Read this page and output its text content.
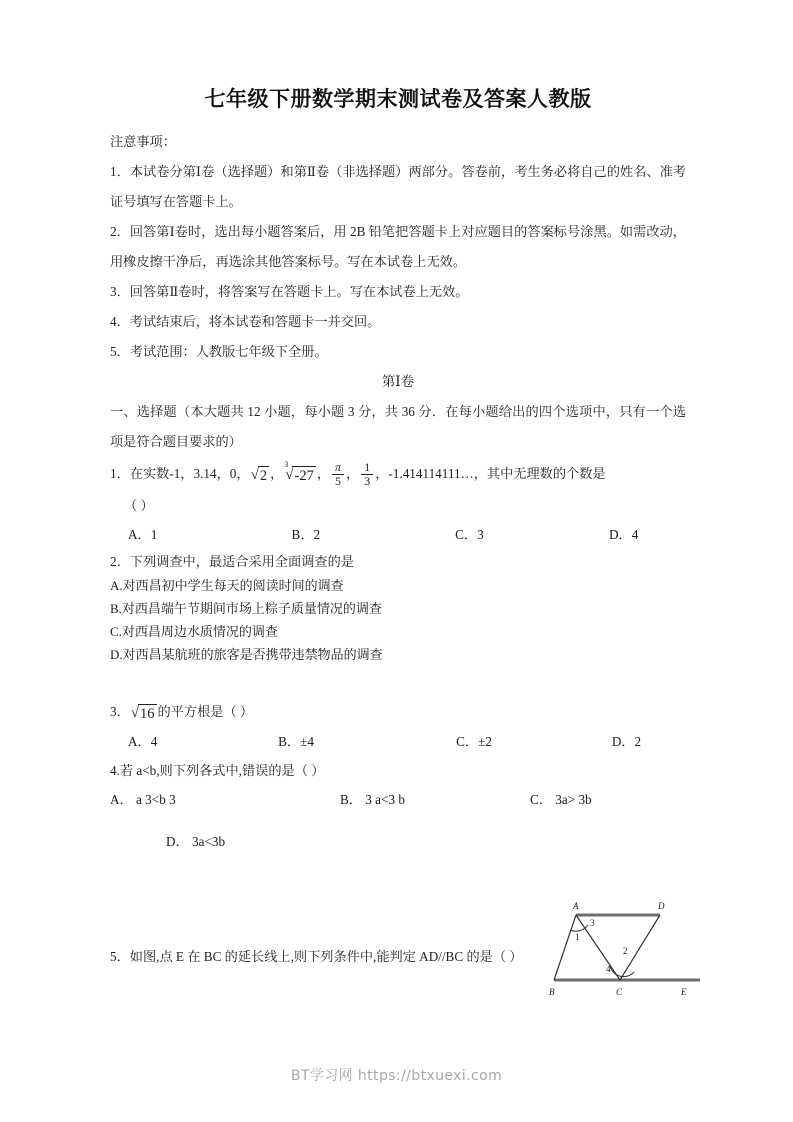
七年级下册数学期末测试卷及答案人教版

注意事项：

1．本试卷分第Ⅰ卷（选择题）和第Ⅱ卷（非选择题）两部分。答卷前，考生务必将自己的姓名、准考证号填写在答题卡上。

2．回答第Ⅰ卷时，选出每小题答案后，用 2B 铅笔把答题卡上对应题目的答案标号涂黑。如需改动，用橡皮擦干净后，再选涂其他答案标号。写在本试卷上无效。

3．回答第Ⅱ卷时，将答案写在答题卡上。写在本试卷上无效。

4．考试结束后，将本试卷和答题卡一并交回。

5．考试范围：人教版七年级下全册。

第Ⅰ卷

一、选择题（本大题共 12 小题，每小题 3 分，共 36 分．在每小题给出的四个选项中，只有一个选项是符合题目要求的）

1．在实数-1，3.14，0， √ 2 ，
3
√ -27 ， $\frac{\pi}{5}$ ， $\frac{1}{3}$ ，-1.414114111…，其中无理数的个数是

（ ）

A．1	B．2	C．3	D．4

2．下列调查中，最适合采用全面调查的是

A.对西昌初中学生每天的阅读时间的调查

B.对西昌端午节期间市场上粽子质量情况的调查

C.对西昌周边水质情况的调查

D.对西昌某航班的旅客是否携带违禁物品的调查

3． √ 16 的平方根是（ ）

A．4	B．±4	C．±2	D．2

4.若 a<b,则下列各式中,错误的是（ ）

A． a 3<b 3	B． 3 a<3 b	C． 3a> 3b

D． 3a<3b

5．如图,点 E 在 BC 的延长线上,则下列条件中,能判定 AD//BC 的是（ ）

A	D
B	C	E
1
2
3
4
BT学习网 https://btxuexi.com
